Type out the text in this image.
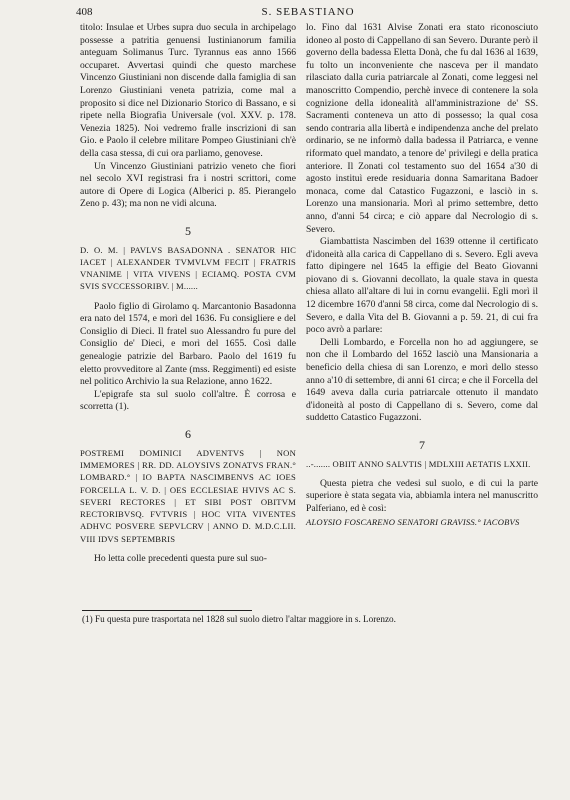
408	S. SEBASTIANO

titolo: Insulae et Urbes supra duo secula in archipelago possesse a patritia genuensi Iustinianorum familia anteguam Solimanus Turc. Tyrannus eas anno 1566 occuparet. Avvertasi quindi che questo marchese Vincenzo Giustiniani non discende dalla famiglia di san Lorenzo Giustiniani veneta patrizia, come mal a proposito si dice nel Dizionario Storico di Bassano, e si ripete nella Biografia Universale (vol. XXV. p. 178. Venezia 1825). Noi vedremo fralle inscrizioni di san Gio. e Paolo il celebre militare Pompeo Giustiniani ch'è della casa stessa, di cui ora parliamo, genovese.

Un Vincenzo Giustiniani patrizio veneto che fiori nel secolo XVI registrasi fra i nostri scrittori, come autore di Opere di Logica (Alberici p. 85. Pierangelo Zeno p. 43); ma non ne vidi alcuna.

5

D. O. M. | PAVLVS BASADONNA . SENATOR HIC IACET | ALEXANDER TVMVLVM FECIT | FRATRIS VNANIME | VITA VIVENS | ECIAMQ. POSTA CVM SVIS SVCCESSORIBV. | M......

Paolo figlio di Girolamo q. Marcantonio Basadonna era nato del 1574, e morì del 1636. Fu consigliere e del Consiglio di Dieci. Il fratel suo Alessandro fu pure del Consiglio de' Dieci, e morì del 1655. Così dalle genealogie patrizie del Barbaro. Paolo del 1619 fu eletto provveditore al Zante (mss. Reggimenti) ed esiste nel politico Archivio la sua Relazione, anno 1622.

L'epigrafe sta sul suolo coll'altre. È corrosa e scorretta (1).

6

POSTREMI DOMINICI ADVENTVS | NON IMMEMORES | RR. DD. ALOYSIVS ZONATVS FRAN.° LOMBARD.° | IO BAPTA NASCIMBENVS AC IOES FORCELLA L. V. D. | OES ECCLESIAE HVIVS AC S. SEVERI RECTORES | ET SIBI POST OBITVM RECTORIBVSQ. FVTVRIS | HOC VITA VIVENTES ADHVC POSVERE SEPVLCRV | ANNO D. M.D.C.LII. VIII IDVS SEPTEMBRIS

Ho letta colle precedenti questa pure sul suo-

lo. Fino dal 1631 Alvise Zonati era stato riconosciuto idoneo al posto di Cappellano di san Severo. Durante però il governo della badessa Eletta Donà, che fu dal 1636 al 1639, fu tolto un inconveniente che nasceva per il mandato rilasciato dalla curia patriarcale al Zonati, come leggesi nel manoscritto Compendio, perchè invece di contenere la sola cognizione della idonealità all'amministrazione de' SS. Sacramenti conteneva un atto di possesso; la qual cosa sendo contraria alla libertà e indipendenza anche del prelato ordinario, se ne informò dalla badessa il Patriarca, e venne riformato quel mandato, a tenore de' privilegi e della pratica anteriore. Il Zonati col testamento suo del 1654 a'30 di agosto instituì erede residuaria donna Samaritana Badoer monaca, come dal Catastico Fugazzoni, e lasciò in s. Lorenzo una mansionaria. Morì al primo settembre, detto anno, d'anni 54 circa; e ciò appare dal Necrologio di s. Severo.

Giambattista Nascimben del 1639 ottenne il certificato d'idoneità alla carica di Cappellano di s. Severo. Egli aveva fatto dipingere nel 1645 la effigie del Beato Giovanni piovano di s. Giovanni decollato, la quale stava in questa chiesa allato all'altare di lui in cornu evangelii. Egli morì il 12 dicembre 1670 d'anni 58 circa, come dal Necrologio di s. Severo, e dalla Vita del B. Giovanni a p. 59. 21, di cui fra poco avrò a parlare:

Delli Lombardo, e Forcella non ho ad aggiungere, se non che il Lombardo del 1652 lasciò una Mansionaria a beneficio della chiesa di san Lorenzo, e morì dello stesso anno a'10 di settembre, di anni 61 circa; e che il Forcella del 1649 aveva dalla curia patriarcale ottenuto il mandato d'idoneità al posto di Cappellano di s. Severo, come dal suddetto Catastico Fugazzoni.

7

..-....... OBIIT ANNO SALVTIS | MDLXIII AETATIS LXXII.

Questa pietra che vedesi sul suolo, e di cui la parte superiore è stata segata via, abbiamla intera nel manuscritto Palferiano, ed è così:

ALOYSIO FOSCARENO SENATORI GRAVISS.° IACOBVS

(1) Fu questa pure trasportata nel 1828 sul suolo dietro l'altar maggiore in s. Lorenzo.
